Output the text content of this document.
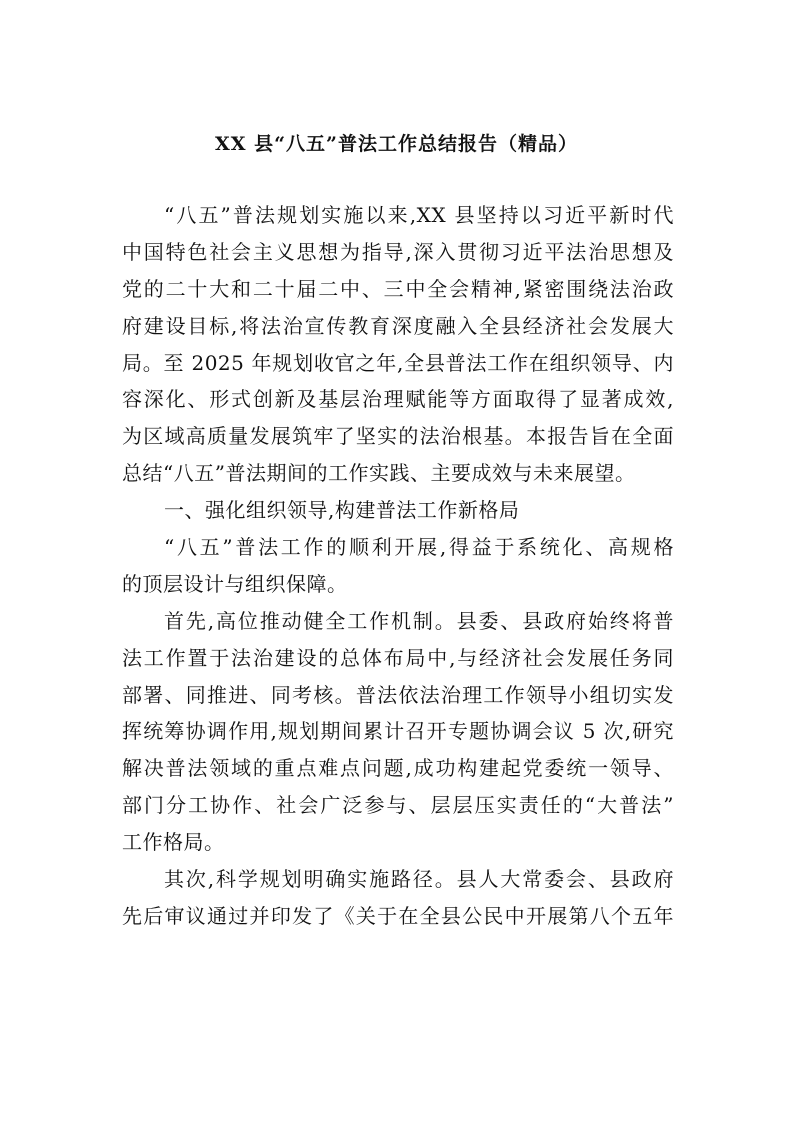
XX 县“八五”普法工作总结报告（精品）
“八五”普法规划实施以来,XX 县坚持以习近平新时代
中国特色社会主义思想为指导,深入贯彻习近平法治思想及
党的二十大和二十届二中、三中全会精神,紧密围绕法治政
府建设目标,将法治宣传教育深度融入全县经济社会发展大
局。至 2025 年规划收官之年,全县普法工作在组织领导、内
容深化、形式创新及基层治理赋能等方面取得了显著成效,
为区域高质量发展筑牢了坚实的法治根基。本报告旨在全面
总结“八五”普法期间的工作实践、主要成效与未来展望。
一、强化组织领导,构建普法工作新格局
“八五”普法工作的顺利开展,得益于系统化、高规格
的顶层设计与组织保障。
首先,高位推动健全工作机制。县委、县政府始终将普
法工作置于法治建设的总体布局中,与经济社会发展任务同
部署、同推进、同考核。普法依法治理工作领导小组切实发
挥统筹协调作用,规划期间累计召开专题协调会议 5 次,研究
解决普法领域的重点难点问题,成功构建起党委统一领导、
部门分工协作、社会广泛参与、层层压实责任的“大普法”
工作格局。
其次,科学规划明确实施路径。县人大常委会、县政府
先后审议通过并印发了《关于在全县公民中开展第八个五年
